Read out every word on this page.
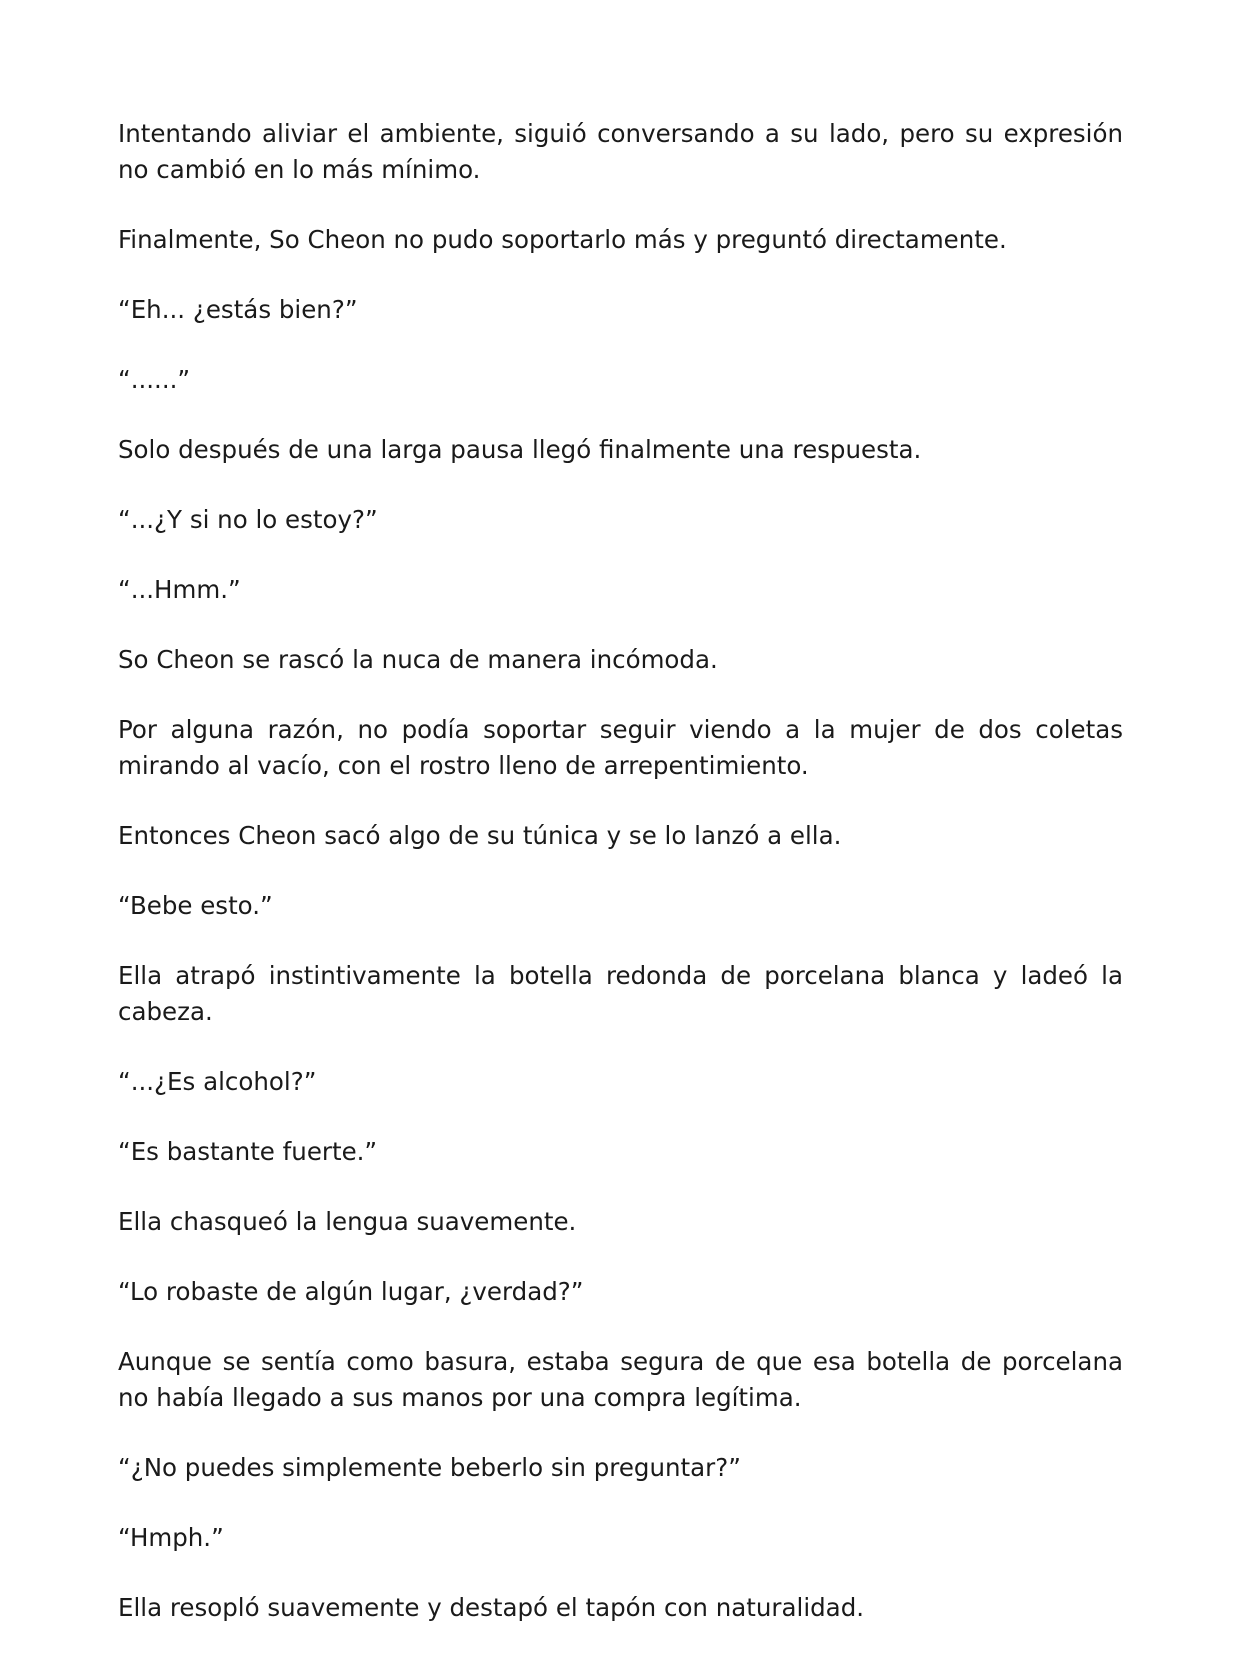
Intentando aliviar el ambiente, siguió conversando a su lado, pero su expresión no cambió en lo más mínimo.

Finalmente, So Cheon no pudo soportarlo más y preguntó directamente.

“Eh... ¿estás bien?”

“......”

Solo después de una larga pausa llegó finalmente una respuesta.

“...¿Y si no lo estoy?”

“...Hmm.”

So Cheon se rascó la nuca de manera incómoda.

Por alguna razón, no podía soportar seguir viendo a la mujer de dos coletas mirando al vacío, con el rostro lleno de arrepentimiento.

Entonces Cheon sacó algo de su túnica y se lo lanzó a ella.

“Bebe esto.”

Ella atrapó instintivamente la botella redonda de porcelana blanca y ladeó la cabeza.

“...¿Es alcohol?”

“Es bastante fuerte.”

Ella chasqueó la lengua suavemente.

“Lo robaste de algún lugar, ¿verdad?”

Aunque se sentía como basura, estaba segura de que esa botella de porcelana no había llegado a sus manos por una compra legítima.

“¿No puedes simplemente beberlo sin preguntar?”

“Hmph.”

Ella resopló suavemente y destapó el tapón con naturalidad.
